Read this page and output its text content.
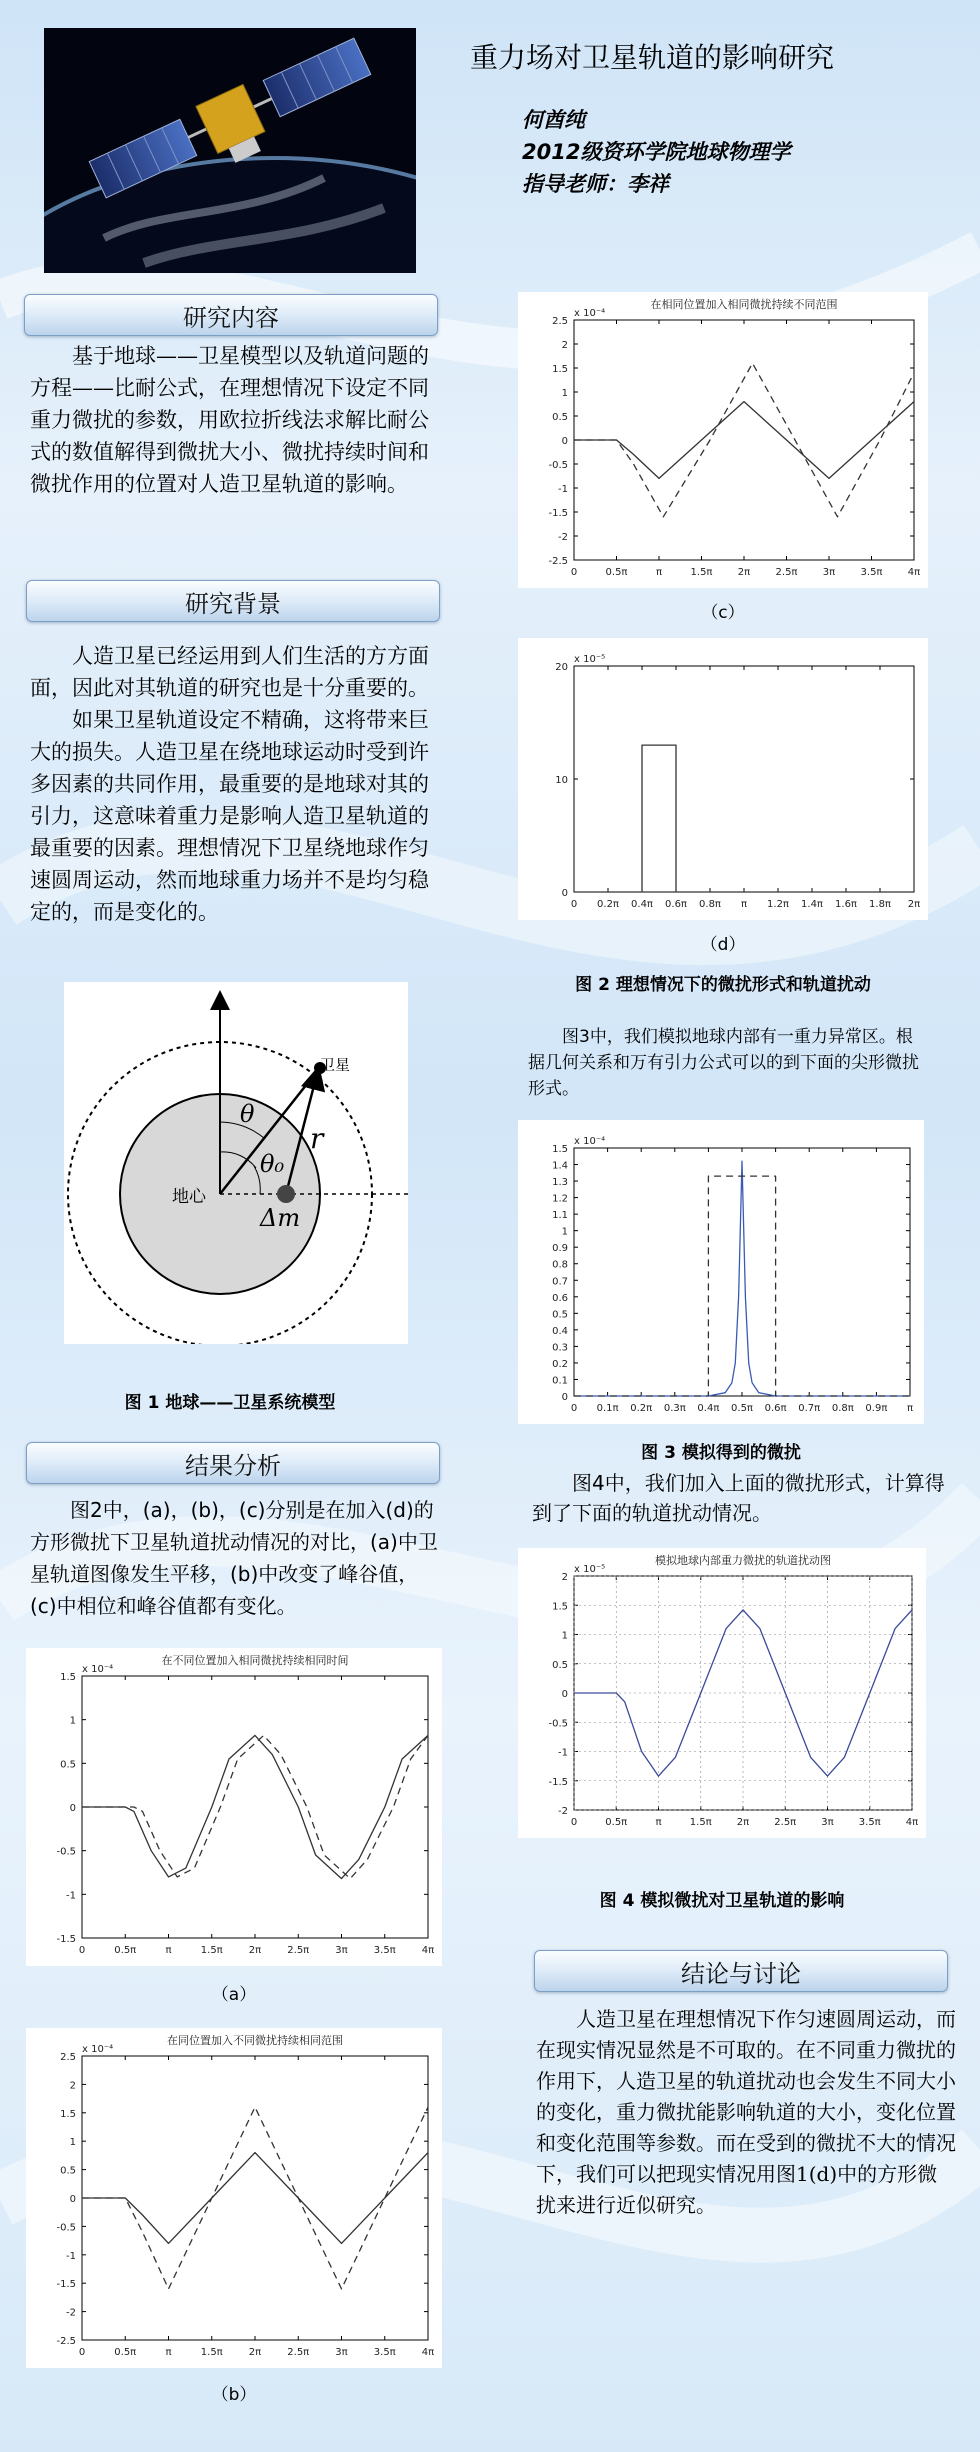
重力场对卫星轨道的影响研究
何酋纯
2012级资环学院地球物理学
指导老师：李祥
研究内容

基于地球——卫星模型以及轨道问题的方程——比耐公式，在理想情况下设定不同重力微扰的参数，用欧拉折线法求解比耐公式的数值解得到微扰大小、微扰持续时间和微扰作用的位置对人造卫星轨道的影响。

研究背景

人造卫星已经运用到人们生活的方方面面，因此对其轨道的研究也是十分重要的。

如果卫星轨道设定不精确，这将带来巨大的损失。人造卫星在绕地球运动时受到许多因素的共同作用，最重要的是地球对其的引力，这意味着重力是影响人造卫星轨道的最重要的因素。理想情况下卫星绕地球作匀速圆周运动，然而地球重力场并不是均匀稳定的，而是变化的。

卫星
θ
r
θ₀
地心
Δm
图 1 地球——卫星系统模型
结果分析

图2中，(a)，(b)，(c)分别是在加入(d)的方形微扰下卫星轨道扰动情况的对比，(a)中卫星轨道图像发生平移，(b)中改变了峰谷值，(c)中相位和峰谷值都有变化。

在不同位置加入相同微扰持续相同时间
x 10⁻⁴
0	0.5π	π	1.5π	2π	2.5π	3π	3.5π	4π
1.5
1
0.5
0
-0.5
-1
-1.5
（a）
在同位置加入不同微扰持续相同范围
x 10⁻⁴
0	0.5π	π	1.5π	2π	2.5π	3π	3.5π	4π
2.5
2
1.5
1
0.5
0
-0.5
-1
-1.5
-2
-2.5
（b）
在相同位置加入相同微扰持续不同范围
x 10⁻⁴
0	0.5π	π	1.5π	2π	2.5π	3π	3.5π	4π
2.5
2
1.5
1
0.5
0
-0.5
-1
-1.5
-2
-2.5
（c）
x 10⁻⁵
0 0.2π 0.4π 0.6π 0.8π π 1.2π 1.4π 1.6π 1.8π 2π
20
10
0
（d）
图 2 理想情况下的微扰形式和轨道扰动

图3中，我们模拟地球内部有一重力异常区。根据几何关系和万有引力公式可以的到下面的尖形微扰形式。

x 10⁻⁴
0 0.1π 0.2π 0.3π 0.4π 0.5π 0.6π 0.7π 0.8π 0.9π π
1.5
1.4
1.3
1.2
1.1
1
0.9
0.8
0.7
0.6
0.5
0.4
0.3
0.2
0.1
0
图 3 模拟得到的微扰

图4中，我们加入上面的微扰形式，计算得到了下面的轨道扰动情况。

模拟地球内部重力微扰的轨道扰动图
x 10⁻⁵
0	0.5π	π	1.5π	2π	2.5π	3π	3.5π	4π
2
1.5
1
0.5
0
-0.5
-1
-1.5
-2
图 4 模拟微扰对卫星轨道的影响
结论与讨论

人造卫星在理想情况下作匀速圆周运动，而在现实情况显然是不可取的。在不同重力微扰的作用下，人造卫星的轨道扰动也会发生不同大小的变化，重力微扰能影响轨道的大小，变化位置和变化范围等参数。而在受到的微扰不大的情况下，我们可以把现实情况用图1(d)中的方形微扰来进行近似研究。
